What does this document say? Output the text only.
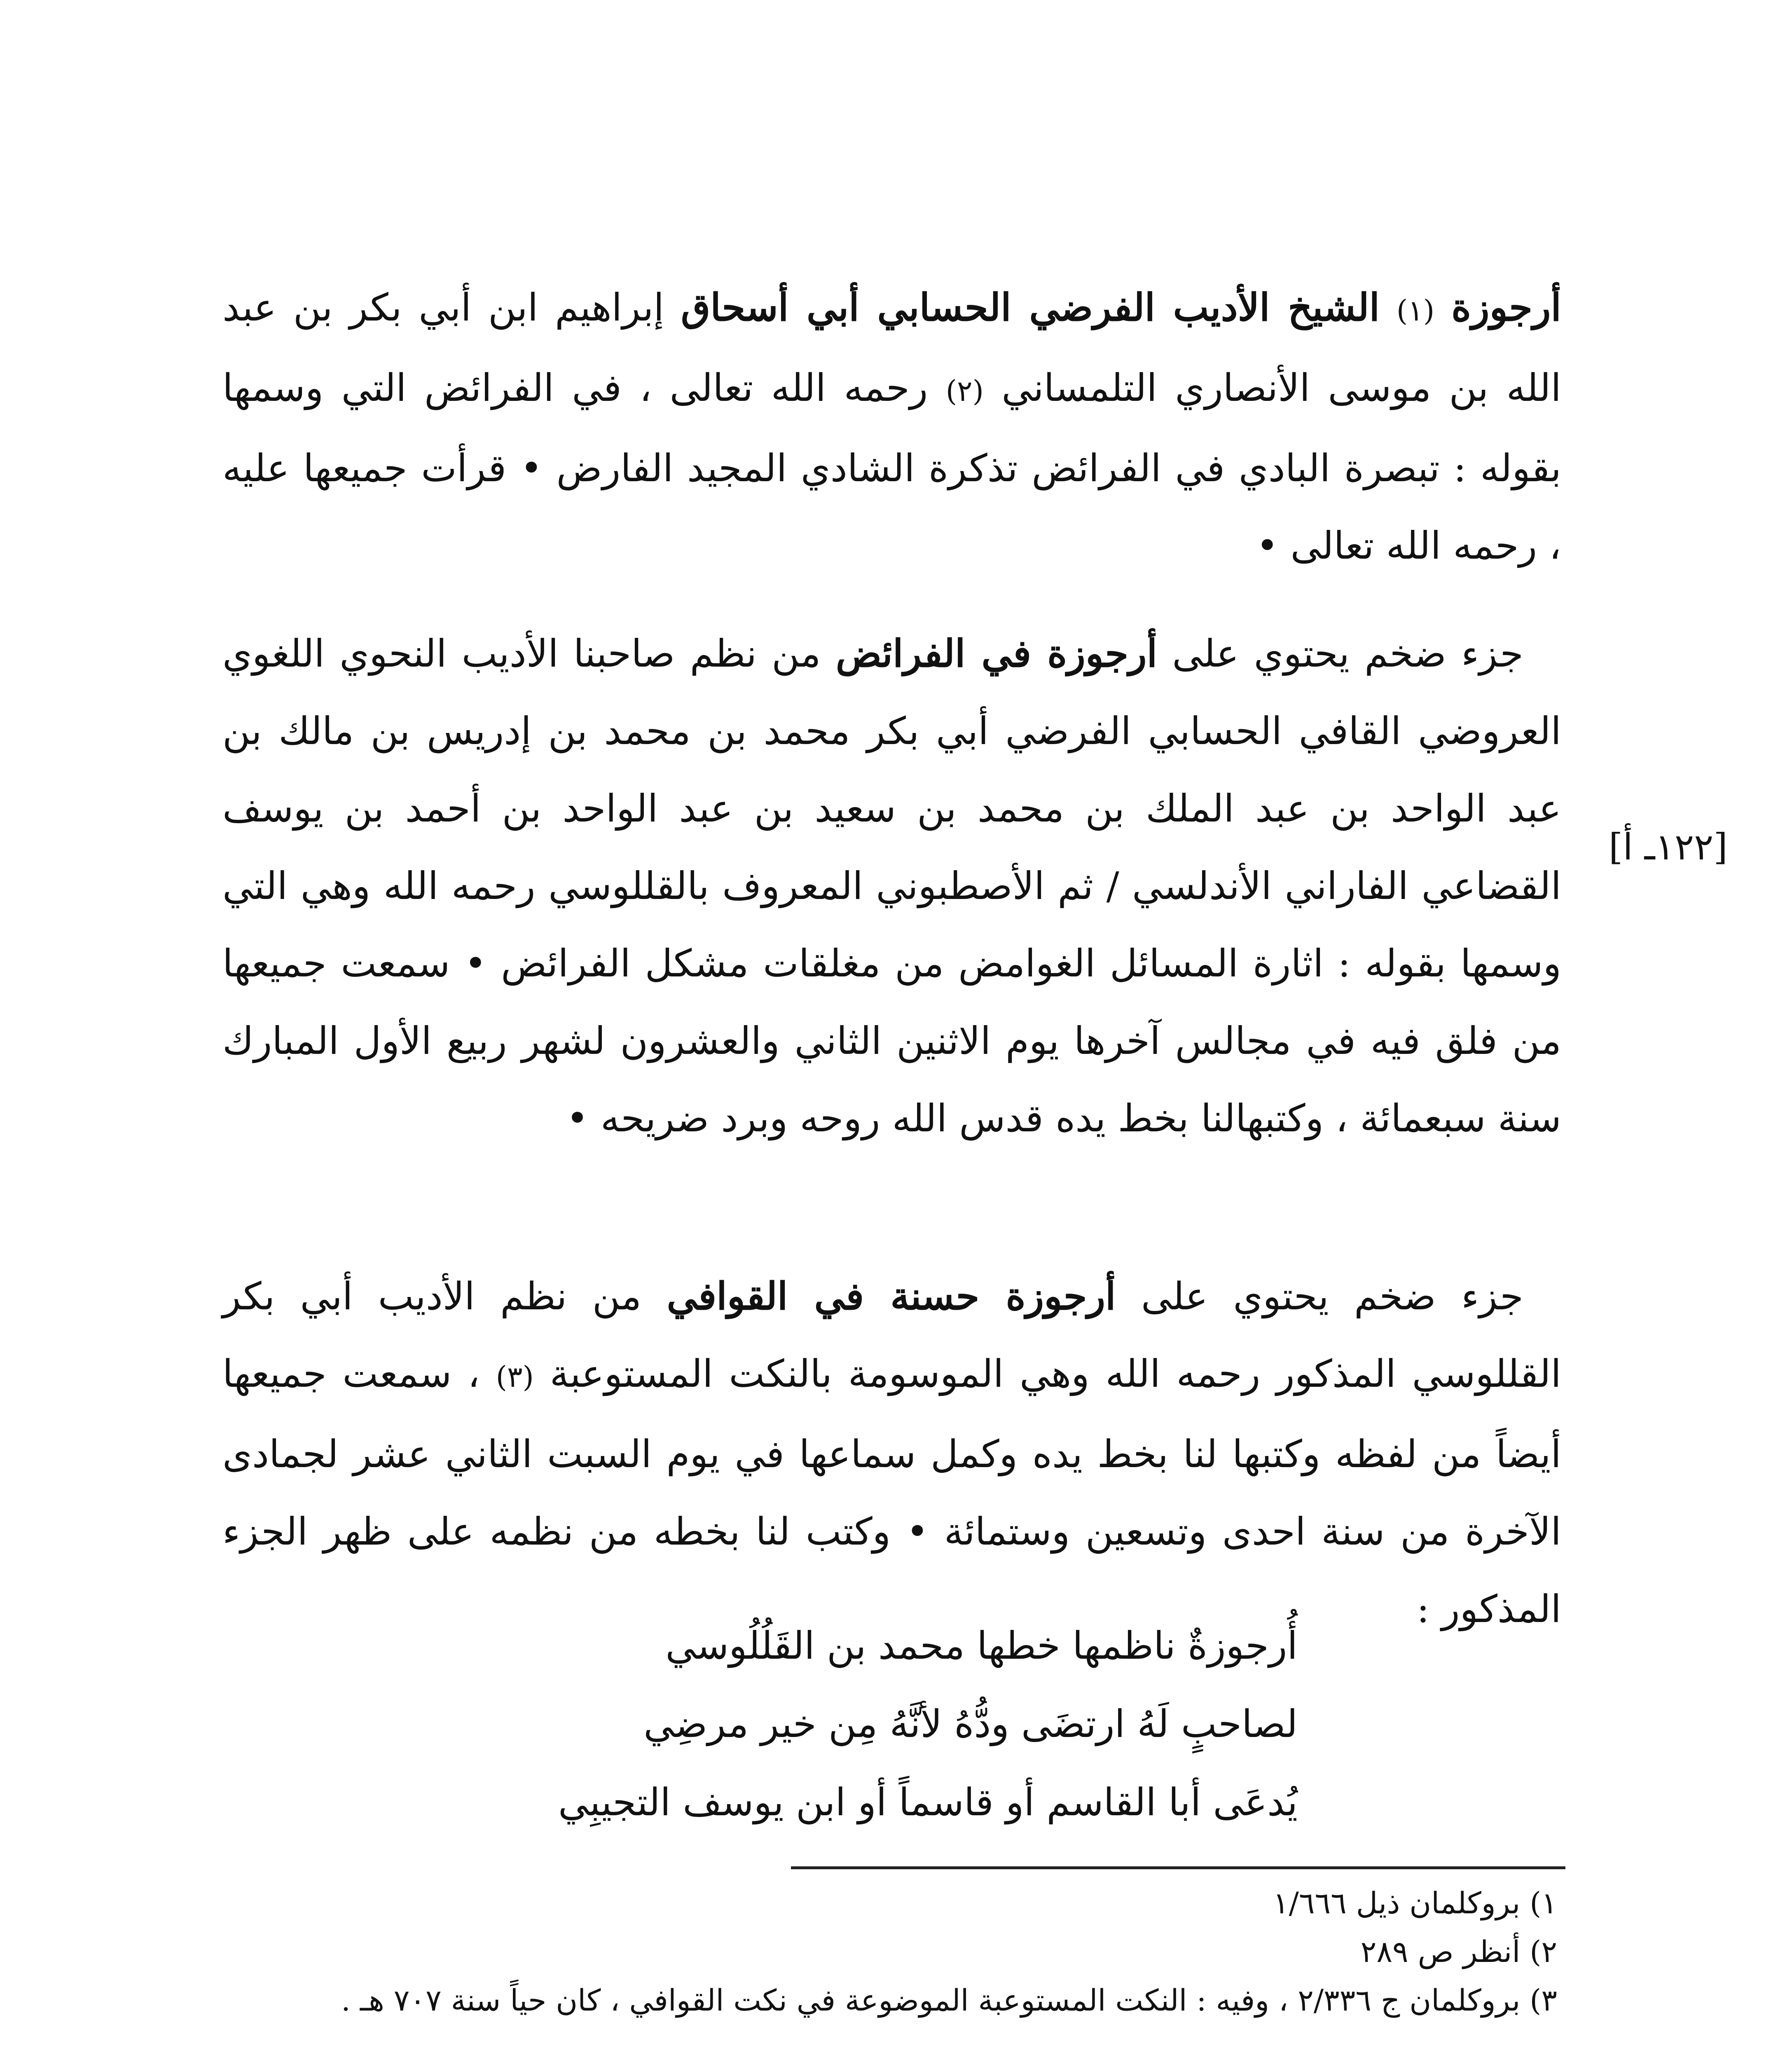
أرجوزة (١) الشيخ الأديب الفرضي الحسابي أبي أسحاق إبراهيم ابن أبي بكر بن عبد الله بن موسى الأنصاري التلمساني (٢) رحمه الله تعالى ، في الفرائض التي وسمها بقوله : تبصرة البادي في الفرائض تذكرة الشادي المجيد الفارض • قرأت جميعها عليه ، رحمه الله تعالى •

 جزء ضخم يحتوي على أرجوزة في الفرائض من نظم صاحبنا الأديب النحوي اللغوي العروضي القافي الحسابي الفرضي أبي بكر محمد بن محمد بن إدريس بن مالك بن عبد الواحد بن عبد الملك بن محمد بن سعيد بن عبد الواحد بن أحمد بن يوسف القضاعي الفاراني الأندلسي / ثم الأصطبوني المعروف بالقللوسي رحمه الله وهي التي وسمها بقوله : اثارة المسائل الغوامض من مغلقات مشكل الفرائض • سمعت جميعها من فلق فيه في مجالس آخرها يوم الاثنين الثاني والعشرون لشهر ربيع الأول المبارك سنة سبعمائة ، وكتبهالنا بخط يده قدس الله روحه وبرد ضريحه •

[١٢٢ـ أ]

 جزء ضخم يحتوي على أرجوزة حسنة في القوافي من نظم الأديب أبي بكر القللوسي المذكور رحمه الله وهي الموسومة بالنكت المستوعبة (٣) ، سمعت جميعها أيضاً من لفظه وكتبها لنا بخط يده وكمل سماعها في يوم السبت الثاني عشر لجمادى الآخرة من سنة احدى وتسعين وستمائة • وكتب لنا بخطه من نظمه على ظهر الجزء المذكور :

أُرجوزةٌ ناظمها خطها محمد بن القَلُلُوسي
لصاحبٍ لَهُ ارتضَى ودُّهُ لأنَّهُ مِن خير مرضِي
يُدعَى أبا القاسم أو قاسماً أو ابن يوسف التجيبِي
١) بروكلمان ذيل ١/٦٦٦
٢) أنظر ص ٢٨٩
٣) بروكلمان ج ٢/٣٣٦ ، وفيه : النكت المستوعبة الموضوعة في نكت القوافي ، كان حياً سنة ٧٠٧ هـ .
